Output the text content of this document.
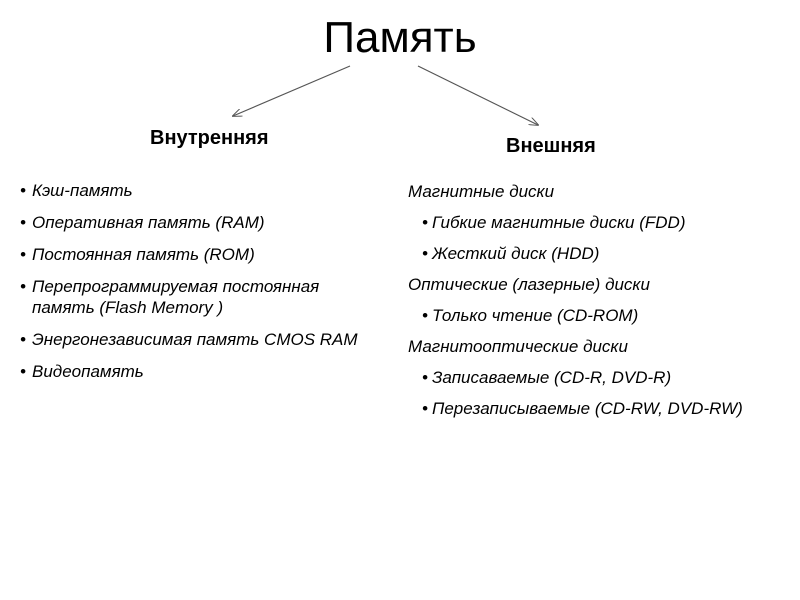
Память
Внутренняя	Внешняя
• Кэш-память
• Оперативная память (RAM)
• Постоянная память (ROM)
• Перепрограммируемая постоянная память (Flash Memory )
• Энергонезависимая память CMOS RAM
• Видеопамять
Магнитные диски
• Гибкие магнитные диски (FDD)
• Жесткий диск (HDD)
Оптические (лазерные) диски
• Только чтение (CD-ROM)
Магнитооптические диски
• Записаваемые (CD-R, DVD-R)
• Перезаписываемые (CD-RW, DVD-RW)
